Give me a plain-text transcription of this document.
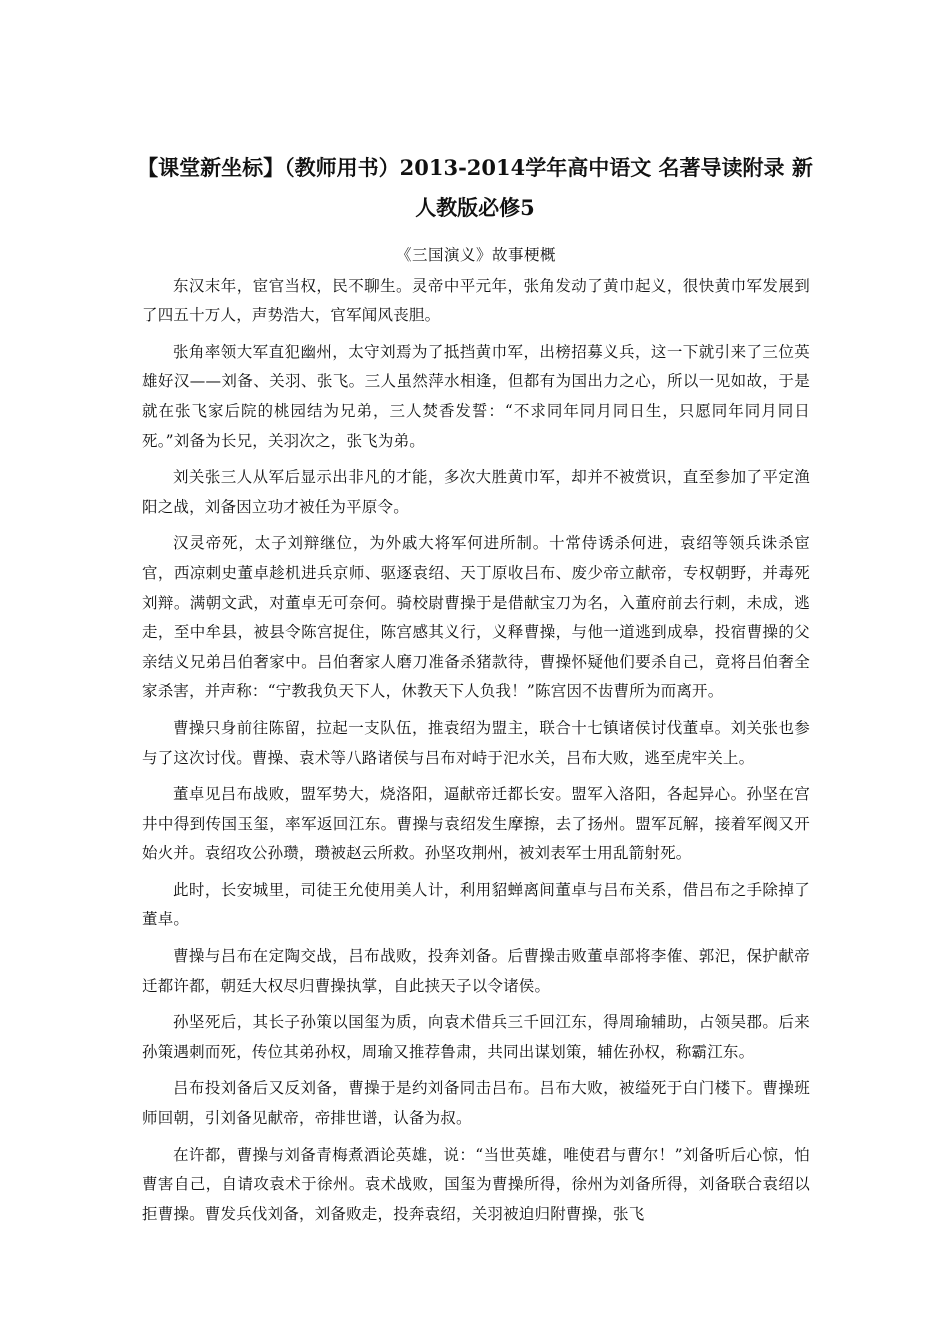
【课堂新坐标】（教师用书）2013-2014学年高中语文 名著导读附录 新人教版必修5

《三国演义》故事梗概

东汉末年，宦官当权，民不聊生。灵帝中平元年，张角发动了黄巾起义，很快黄巾军发展到了四五十万人，声势浩大，官军闻风丧胆。

张角率领大军直犯幽州，太守刘焉为了抵挡黄巾军，出榜招募义兵，这一下就引来了三位英雄好汉——刘备、关羽、张飞。三人虽然萍水相逢，但都有为国出力之心，所以一见如故，于是就在张飞家后院的桃园结为兄弟，三人焚香发誓：“不求同年同月同日生，只愿同年同月同日死。”刘备为长兄，关羽次之，张飞为弟。

刘关张三人从军后显示出非凡的才能，多次大胜黄巾军，却并不被赏识，直至参加了平定渔阳之战，刘备因立功才被任为平原令。

汉灵帝死，太子刘辩继位，为外戚大将军何进所制。十常侍诱杀何进，袁绍等领兵诛杀宦官，西凉刺史董卓趁机进兵京师、驱逐袁绍、天丁原收吕布、废少帝立献帝，专权朝野，并毒死刘辩。满朝文武，对董卓无可奈何。骑校尉曹操于是借献宝刀为名，入董府前去行刺，未成，逃走，至中牟县，被县令陈宫捉住，陈宫感其义行，义释曹操，与他一道逃到成皋，投宿曹操的父亲结义兄弟吕伯奢家中。吕伯奢家人磨刀准备杀猪款待，曹操怀疑他们要杀自己，竟将吕伯奢全家杀害，并声称：“宁教我负天下人，休教天下人负我！”陈宫因不齿曹所为而离开。

曹操只身前往陈留，拉起一支队伍，推袁绍为盟主，联合十七镇诸侯讨伐董卓。刘关张也参与了这次讨伐。曹操、袁术等八路诸侯与吕布对峙于汜水关，吕布大败，逃至虎牢关上。

董卓见吕布战败，盟军势大，烧洛阳，逼献帝迁都长安。盟军入洛阳，各起异心。孙坚在宫井中得到传国玉玺，率军返回江东。曹操与袁绍发生摩擦，去了扬州。盟军瓦解，接着军阀又开始火并。袁绍攻公孙瓒，瓒被赵云所救。孙坚攻荆州，被刘表军士用乱箭射死。

此时，长安城里，司徒王允使用美人计，利用貂蝉离间董卓与吕布关系，借吕布之手除掉了董卓。

曹操与吕布在定陶交战，吕布战败，投奔刘备。后曹操击败董卓部将李傕、郭汜，保护献帝迁都许都，朝廷大权尽归曹操执掌，自此挟天子以令诸侯。

孙坚死后，其长子孙策以国玺为质，向袁术借兵三千回江东，得周瑜辅助，占领吴郡。后来孙策遇刺而死，传位其弟孙权，周瑜又推荐鲁肃，共同出谋划策，辅佐孙权，称霸江东。

吕布投刘备后又反刘备，曹操于是约刘备同击吕布。吕布大败，被缢死于白门楼下。曹操班师回朝，引刘备见献帝，帝排世谱，认备为叔。

在许都，曹操与刘备青梅煮酒论英雄，说：“当世英雄，唯使君与曹尔！”刘备听后心惊，怕曹害自己，自请攻袁术于徐州。袁术战败，国玺为曹操所得，徐州为刘备所得，刘备联合袁绍以拒曹操。曹发兵伐刘备，刘备败走，投奔袁绍，关羽被迫归附曹操，张飞
